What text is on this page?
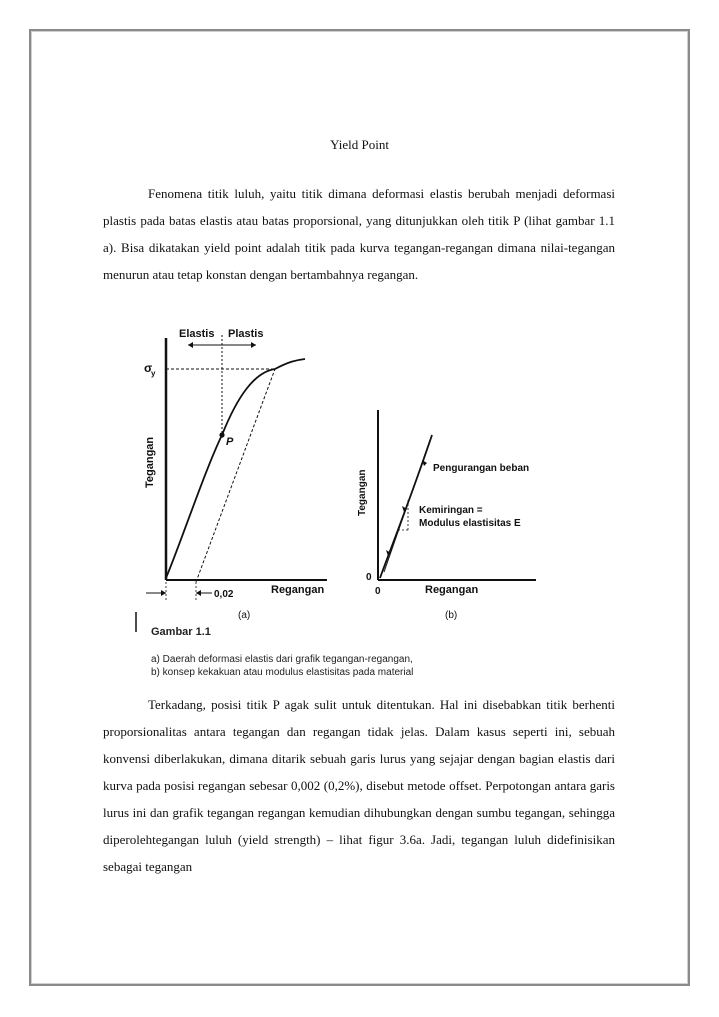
Yield Point

Fenomena titik luluh, yaitu titik dimana deformasi elastis berubah menjadi deformasi plastis pada batas elastis atau batas proporsional, yang ditunjukkan oleh titik P (lihat gambar 1.1 a). Bisa dikatakan yield point adalah titik pada kurva tegangan-regangan dimana nilai-tegangan menurun atau tetap konstan dengan bertambahnya regangan.

Elastis Plastis
σ
y
Tegangan	P
0,02	Regangan
(a)
Tegangan
Pengurangan beban
Kemiringan =
Modulus elastisitas E
0
0	Regangan
(b)
Gambar 1.1
a) Daerah deformasi elastis dari grafik tegangan-regangan,
b) konsep kekakuan atau modulus elastisitas pada material

Terkadang, posisi titik P agak sulit untuk ditentukan. Hal ini disebabkan titik berhenti proporsionalitas antara tegangan dan regangan tidak jelas. Dalam kasus seperti ini, sebuah konvensi diberlakukan, dimana ditarik sebuah garis lurus yang sejajar dengan bagian elastis dari kurva pada posisi regangan sebesar 0,002 (0,2%), disebut metode offset. Perpotongan antara garis lurus ini dan grafik tegangan regangan kemudian dihubungkan dengan sumbu tegangan, sehingga diperolehtegangan luluh (yield strength) – lihat figur 3.6a. Jadi, tegangan luluh didefinisikan sebagai tegangan
